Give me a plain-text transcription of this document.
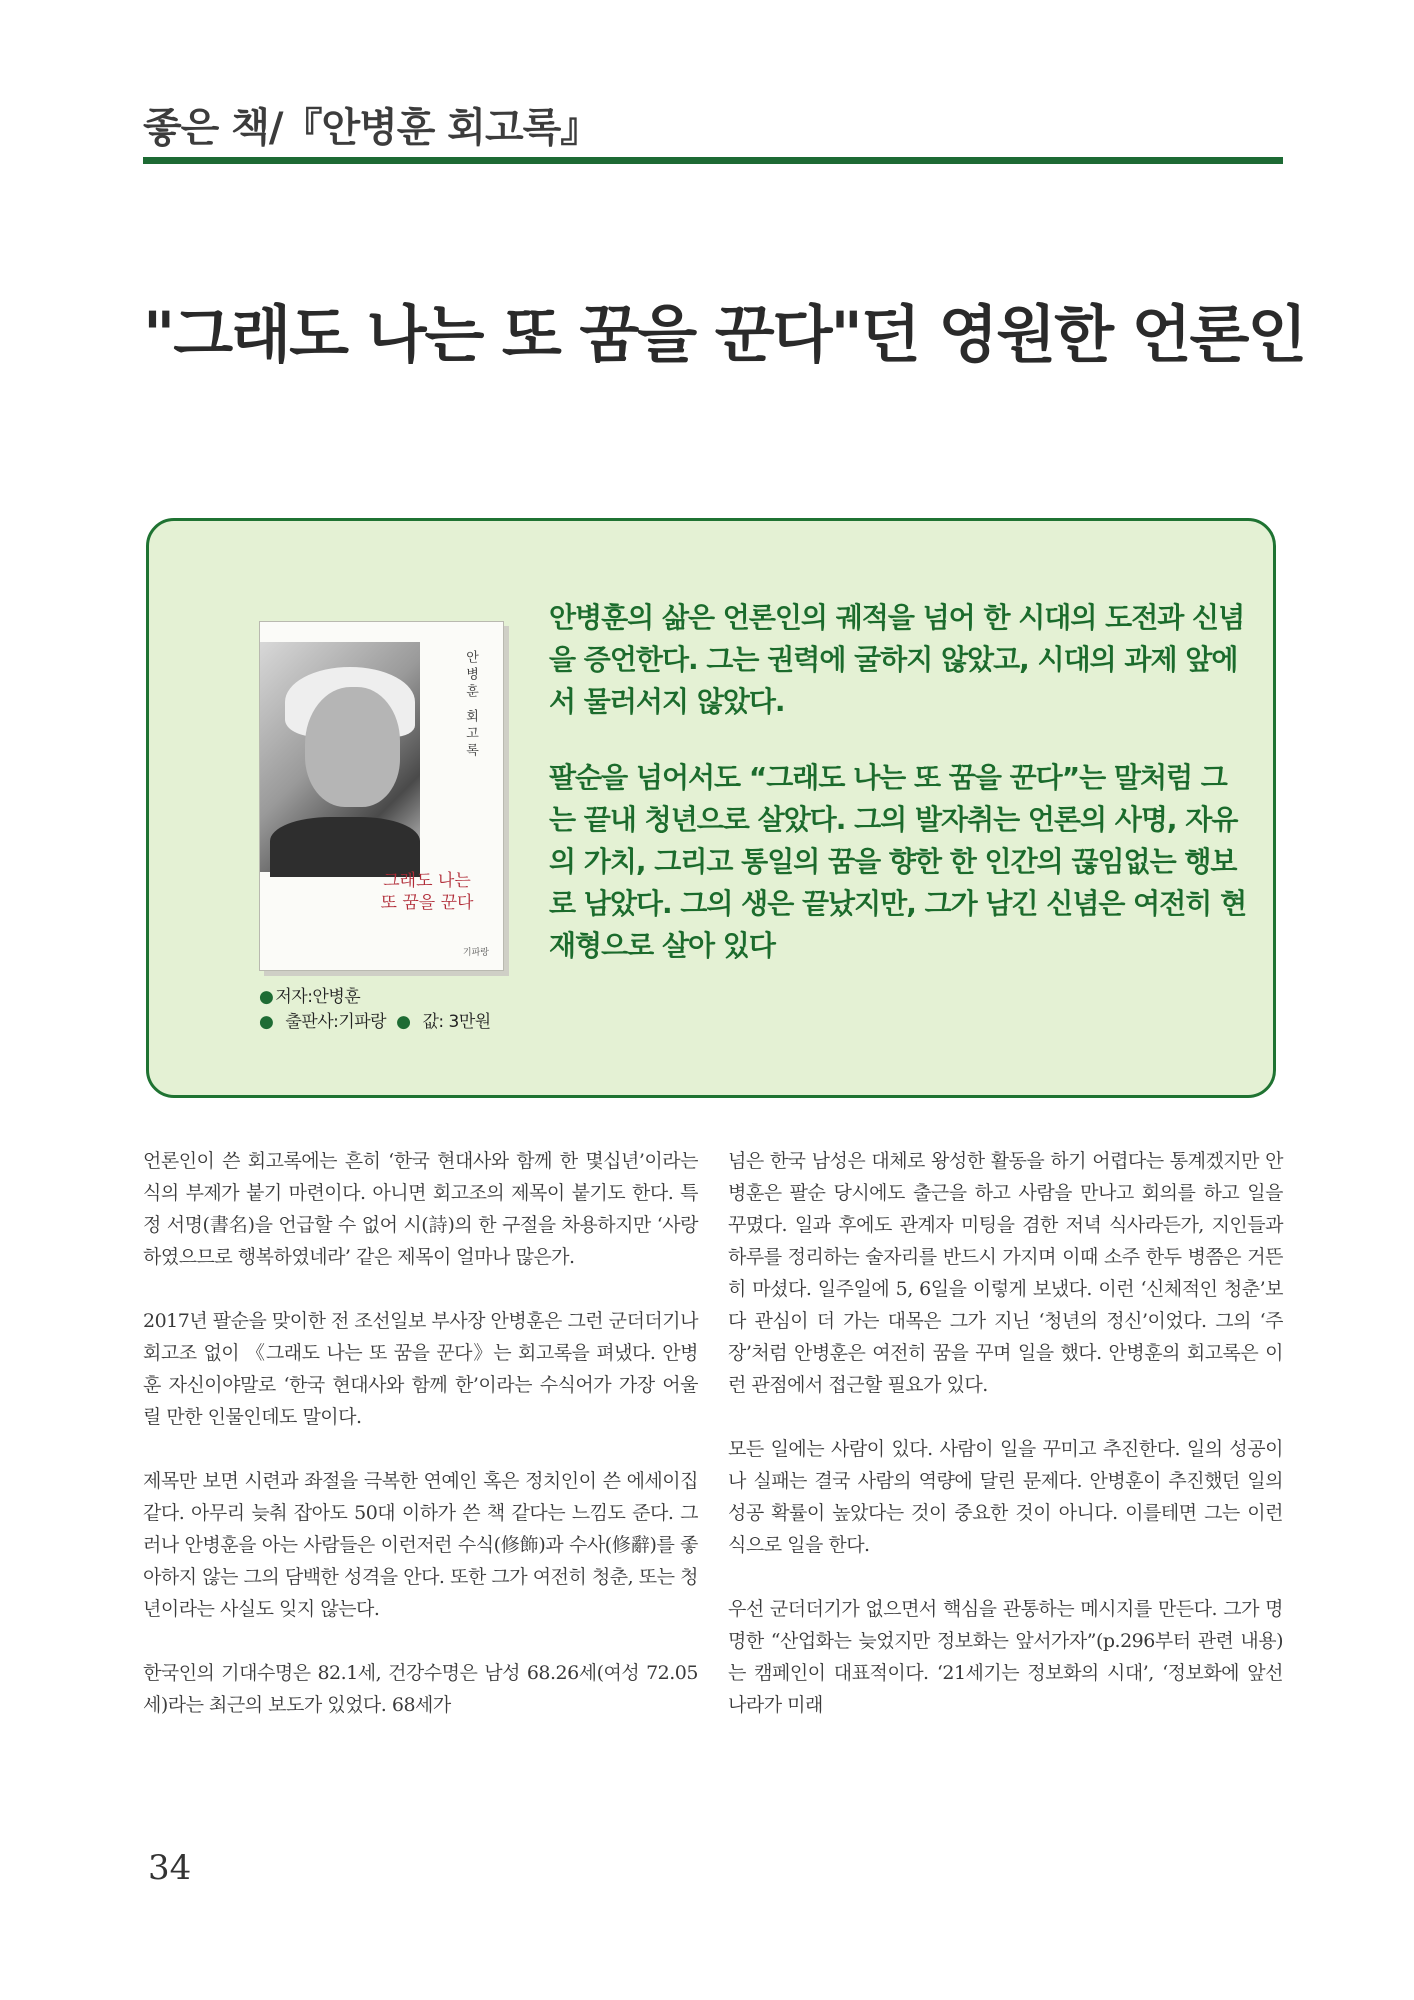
좋은 책/『안병훈 회고록』
"그래도 나는 또 꿈을 꾼다"던 영원한 언론인
안병훈 회고록
그래도 나는
또 꿈을 꾼다
기파랑
● 저자:안병훈
● 출판사:기파랑 ● 값: 3만원

안병훈의 삶은 언론인의 궤적을 넘어 한 시대의 도전과 신념을 증언한다. 그는 권력에 굴하지 않았고, 시대의 과제 앞에서 물러서지 않았다.

팔순을 넘어서도 “그래도 나는 또 꿈을 꾼다”는 말처럼 그는 끝내 청년으로 살았다. 그의 발자취는 언론의 사명, 자유의 가치, 그리고 통일의 꿈을 향한 한 인간의 끊임없는 행보로 남았다. 그의 생은 끝났지만, 그가 남긴 신념은 여전히 현재형으로 살아 있다

언론인이 쓴 회고록에는 흔히 ‘한국 현대사와 함께 한 몇십년’이라는 식의 부제가 붙기 마련이다. 아니면 회고조의 제목이 붙기도 한다. 특정 서명(書名)을 언급할 수 없어 시(詩)의 한 구절을 차용하지만 ‘사랑하였으므로 행복하였네라’ 같은 제목이 얼마나 많은가.

2017년 팔순을 맞이한 전 조선일보 부사장 안병훈은 그런 군더더기나 회고조 없이 《그래도 나는 또 꿈을 꾼다》는 회고록을 펴냈다. 안병훈 자신이야말로 ‘한국 현대사와 함께 한’이라는 수식어가 가장 어울릴 만한 인물인데도 말이다.

제목만 보면 시련과 좌절을 극복한 연예인 혹은 정치인이 쓴 에세이집 같다. 아무리 늦춰 잡아도 50대 이하가 쓴 책 같다는 느낌도 준다. 그러나 안병훈을 아는 사람들은 이런저런 수식(修飾)과 수사(修辭)를 좋아하지 않는 그의 담백한 성격을 안다. 또한 그가 여전히 청춘, 또는 청년이라는 사실도 잊지 않는다.

한국인의 기대수명은 82.1세, 건강수명은 남성 68.26세(여성 72.05세)라는 최근의 보도가 있었다. 68세가

넘은 한국 남성은 대체로 왕성한 활동을 하기 어렵다는 통계겠지만 안병훈은 팔순 당시에도 출근을 하고 사람을 만나고 회의를 하고 일을 꾸몄다. 일과 후에도 관계자 미팅을 겸한 저녁 식사라든가, 지인들과 하루를 정리하는 술자리를 반드시 가지며 이때 소주 한두 병쯤은 거뜬히 마셨다. 일주일에 5, 6일을 이렇게 보냈다. 이런 ‘신체적인 청춘’보다 관심이 더 가는 대목은 그가 지닌 ‘청년의 정신’이었다. 그의 ‘주장’처럼 안병훈은 여전히 꿈을 꾸며 일을 했다. 안병훈의 회고록은 이런 관점에서 접근할 필요가 있다.

모든 일에는 사람이 있다. 사람이 일을 꾸미고 추진한다. 일의 성공이나 실패는 결국 사람의 역량에 달린 문제다. 안병훈이 추진했던 일의 성공 확률이 높았다는 것이 중요한 것이 아니다. 이를테면 그는 이런 식으로 일을 한다.

우선 군더더기가 없으면서 핵심을 관통하는 메시지를 만든다. 그가 명명한 “산업화는 늦었지만 정보화는 앞서가자”(p.296부터 관련 내용)는 캠페인이 대표적이다. ‘21세기는 정보화의 시대’, ‘정보화에 앞선 나라가 미래

34
